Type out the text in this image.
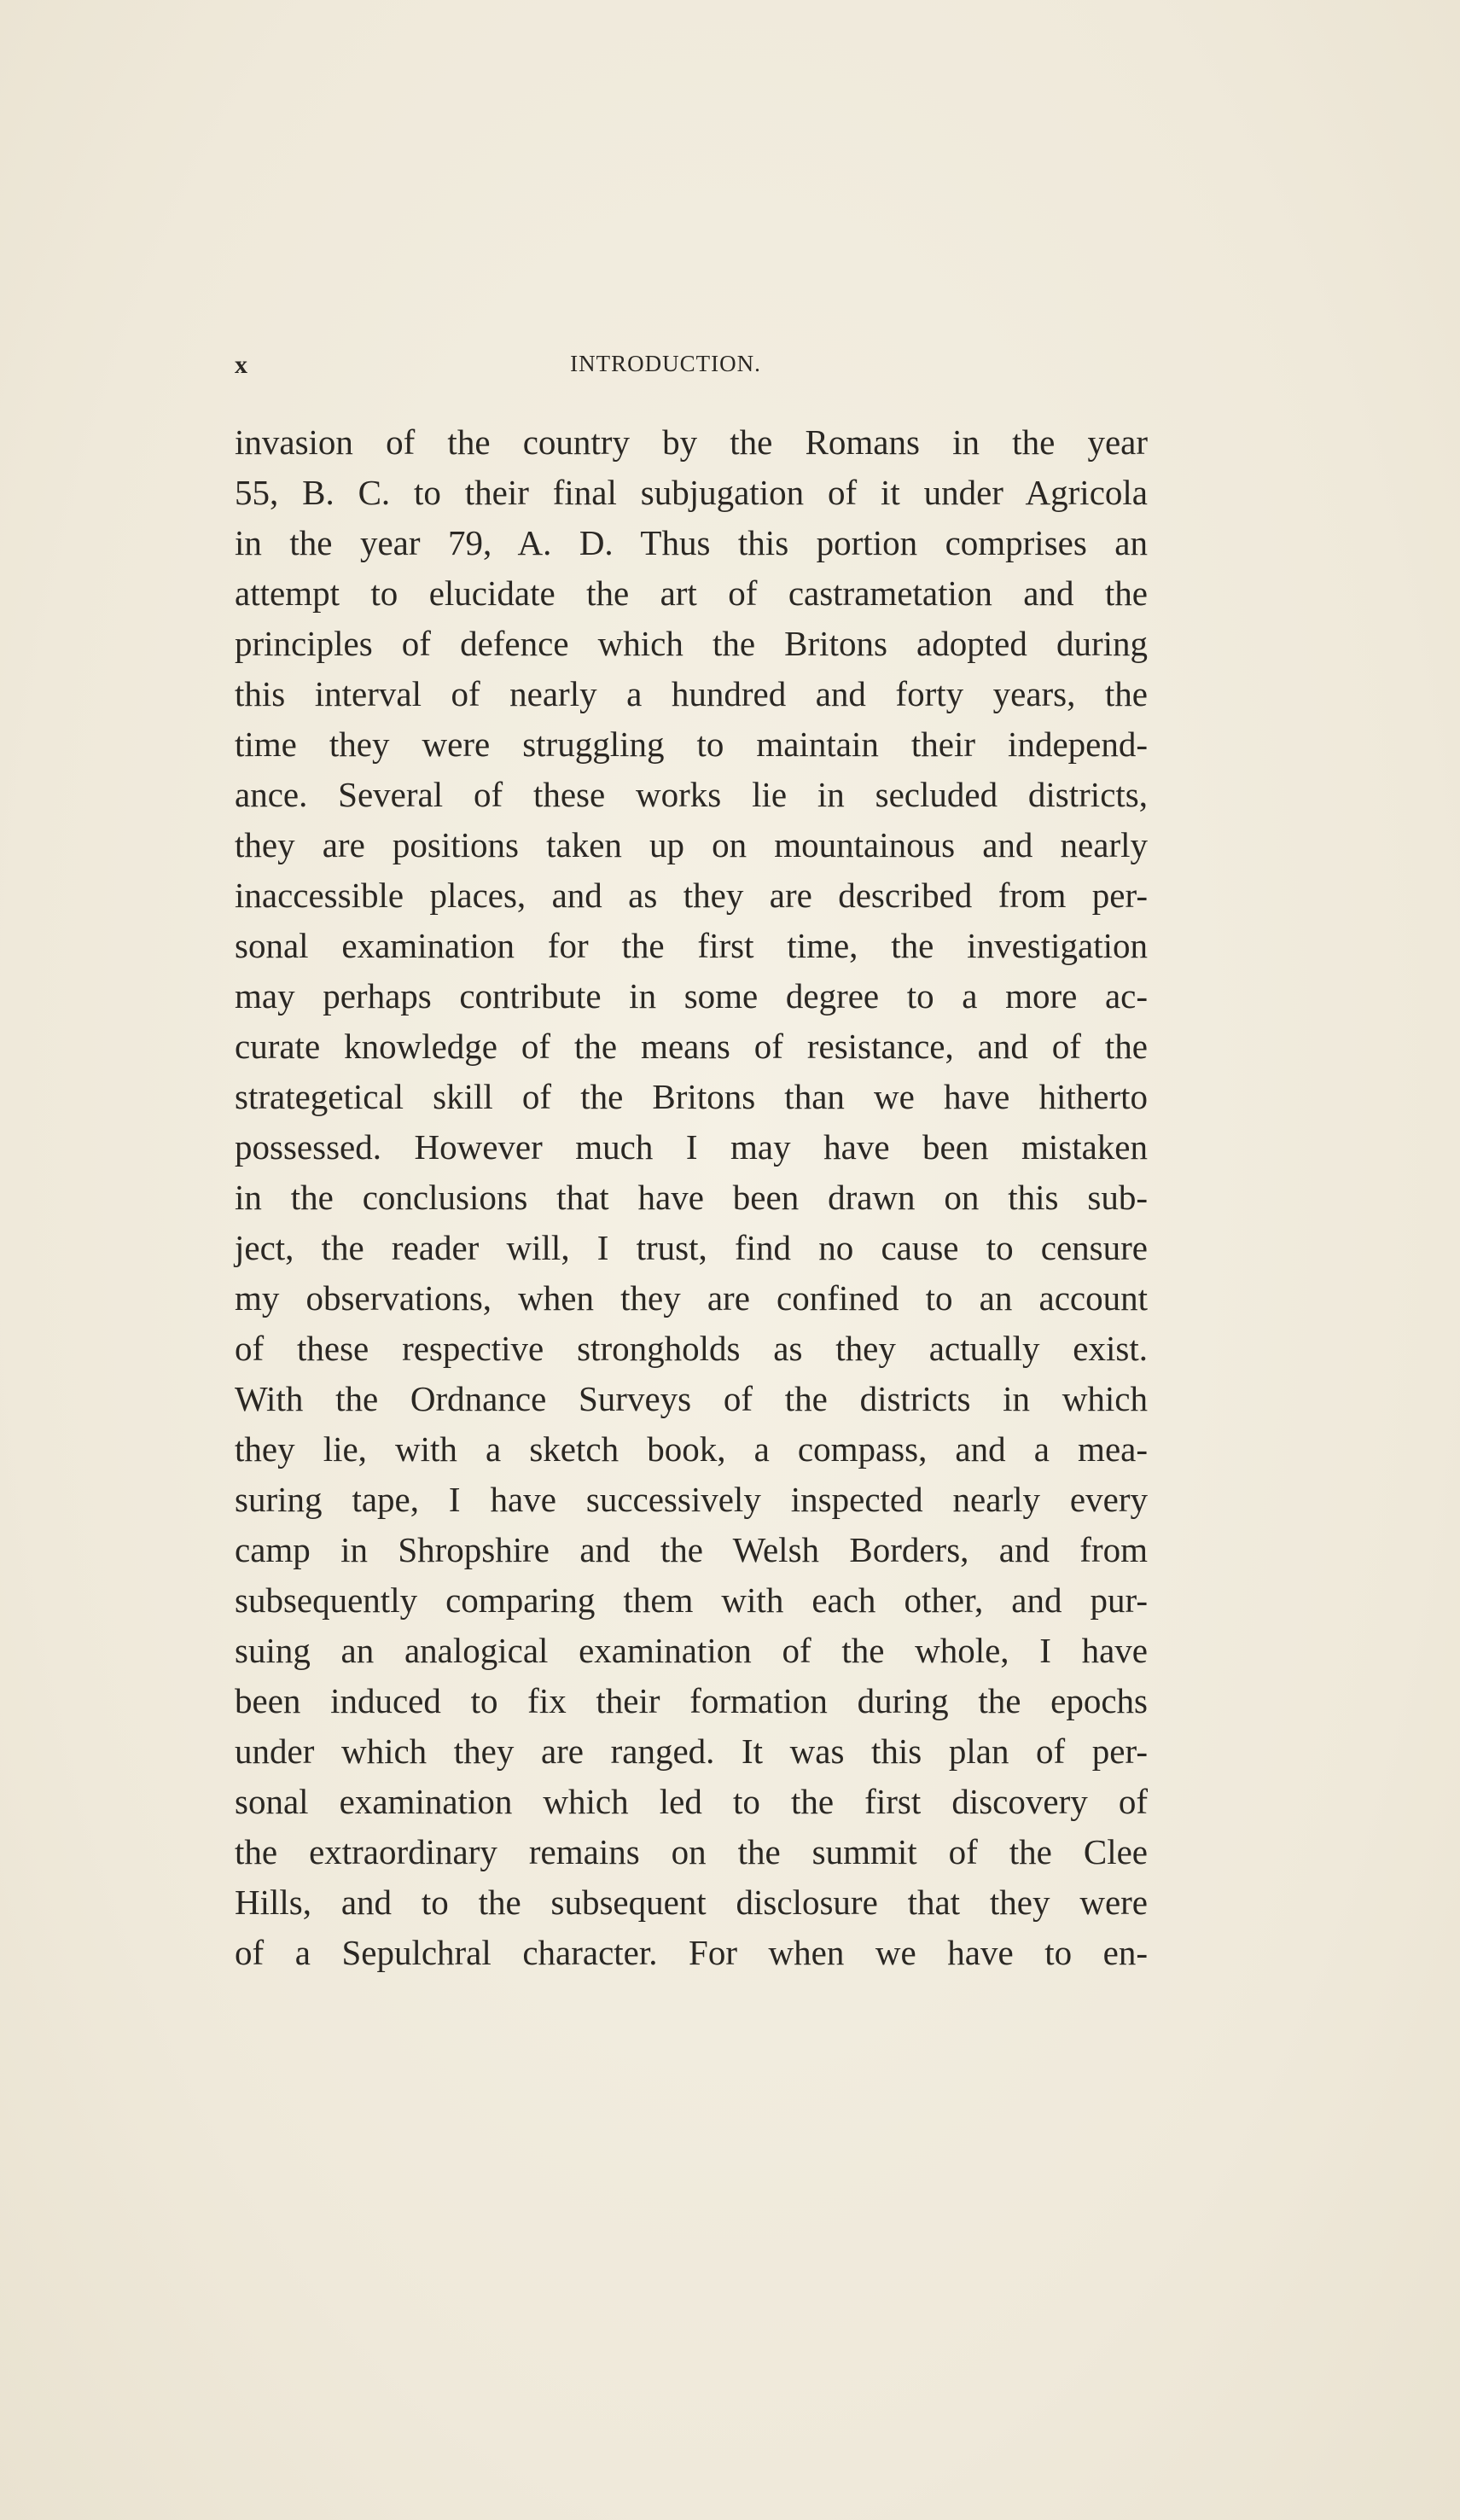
x	INTRODUCTION.
invasion of the country by the Romans in the year
55, B. C. to their final subjugation of it under Agricola
in the year 79, A. D. Thus this portion comprises an
attempt to elucidate the art of castrametation and the
principles of defence which the Britons adopted during
this interval of nearly a hundred and forty years, the
time they were struggling to maintain their independ-
ance. Several of these works lie in secluded districts,
they are positions taken up on mountainous and nearly
inaccessible places, and as they are described from per-
sonal examination for the first time, the investigation
may perhaps contribute in some degree to a more ac-
curate knowledge of the means of resistance, and of the
strategetical skill of the Britons than we have hitherto
possessed. However much I may have been mistaken
in the conclusions that have been drawn on this sub-
ject, the reader will, I trust, find no cause to censure
my observations, when they are confined to an account
of these respective strongholds as they actually exist.
With the Ordnance Surveys of the districts in which
they lie, with a sketch book, a compass, and a mea-
suring tape, I have successively inspected nearly every
camp in Shropshire and the Welsh Borders, and from
subsequently comparing them with each other, and pur-
suing an analogical examination of the whole, I have
been induced to fix their formation during the epochs
under which they are ranged. It was this plan of per-
sonal examination which led to the first discovery of
the extraordinary remains on the summit of the Clee
Hills, and to the subsequent disclosure that they were
of a Sepulchral character. For when we have to en-
